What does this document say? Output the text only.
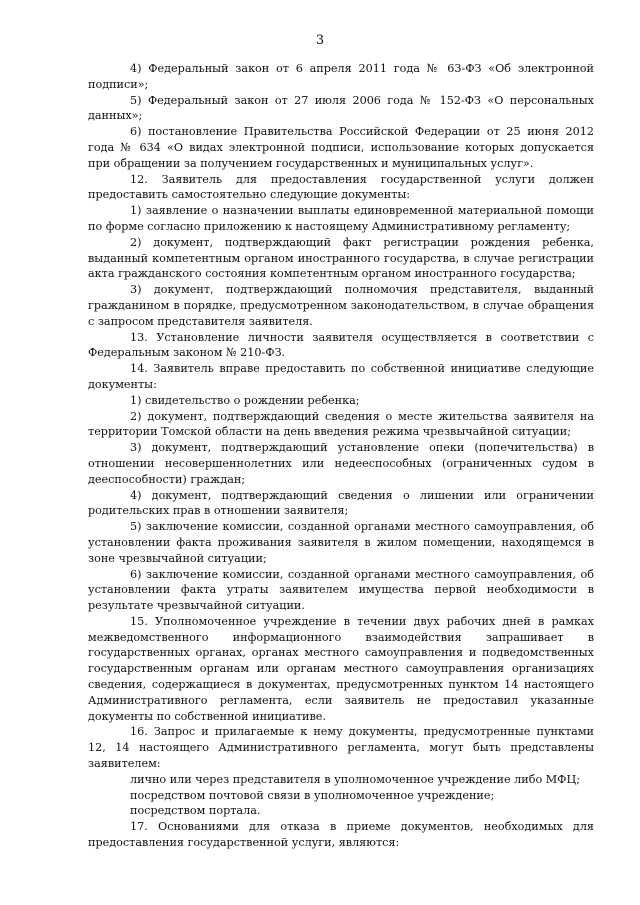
3

4) Федеральный закон от 6 апреля 2011 года № 63-ФЗ «Об электронной подписи»;

5) Федеральный закон от 27 июля 2006 года № 152-ФЗ «О персональных данных»;

6) постановление Правительства Российской Федерации от 25 июня 2012 года № 634 «О видах электронной подписи, использование которых допускается при обращении за получением государственных и муниципальных услуг».

12. Заявитель для предоставления государственной услуги должен предоставить самостоятельно следующие документы:

1) заявление о назначении выплаты единовременной материальной помощи по форме согласно приложению к настоящему Административному регламенту;

2) документ, подтверждающий факт регистрации рождения ребенка, выданный компетентным органом иностранного государства, в случае регистрации акта гражданского состояния компетентным органом иностранного государства;

3) документ, подтверждающий полномочия представителя, выданный гражданином в порядке, предусмотренном законодательством, в случае обращения с запросом представителя заявителя.

13. Установление личности заявителя осуществляется в соответствии с Федеральным законом № 210-ФЗ.

14. Заявитель вправе предоставить по собственной инициативе следующие документы:

1) свидетельство о рождении ребенка;

2) документ, подтверждающий сведения о месте жительства заявителя на территории Томской области на день введения режима чрезвычайной ситуации;

3) документ, подтверждающий установление опеки (попечительства) в отношении несовершеннолетних или недееспособных (ограниченных судом в дееспособности) граждан;

4) документ, подтверждающий сведения о лишении или ограничении родительских прав в отношении заявителя;

5) заключение комиссии, созданной органами местного самоуправления, об установлении факта проживания заявителя в жилом помещении, находящемся в зоне чрезвычайной ситуации;

6) заключение комиссии, созданной органами местного самоуправления, об установлении факта утраты заявителем имущества первой необходимости в результате чрезвычайной ситуации.

15. Уполномоченное учреждение в течении двух рабочих дней в рамках межведомственного информационного взаимодействия запрашивает в государственных органах, органах местного самоуправления и подведомственных государственным органам или органам местного самоуправления организациях сведения, содержащиеся в документах, предусмотренных пунктом 14 настоящего Административного регламента, если заявитель не предоставил указанные документы по собственной инициативе.

16. Запрос и прилагаемые к нему документы, предусмотренные пунктами 12, 14 настоящего Административного регламента, могут быть представлены заявителем:

лично или через представителя в уполномоченное учреждение либо МФЦ;

посредством почтовой связи в уполномоченное учреждение;

посредством портала.

17. Основаниями для отказа в приеме документов, необходимых для предоставления государственной услуги, являются:
